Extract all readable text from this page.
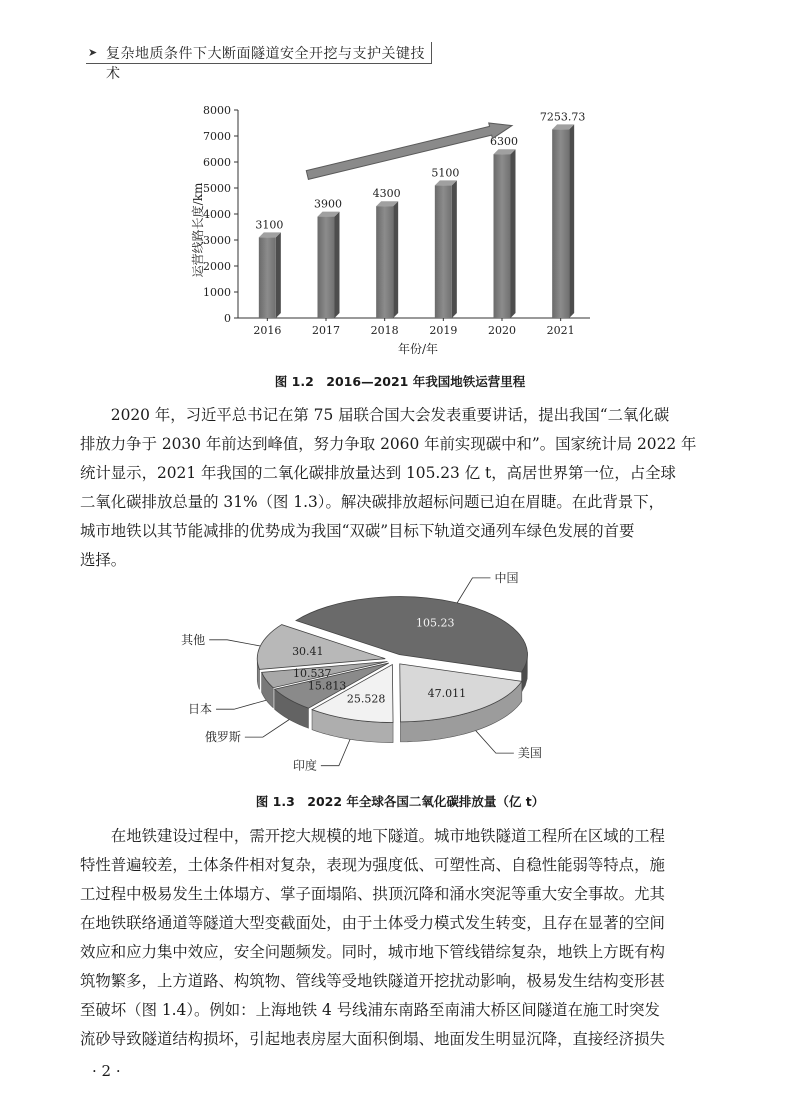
➤ 复杂地质条件下大断面隧道安全开挖与支护关键技术
运营线路长度/km
0
1000
2000
3000
4000
5000
6000
7000
8000
3100
2016
3900
2017
4300
2018
5100
2019
6300
2020
7253.73
2021
年份/年
图 1.2　2016—2021 年我国地铁运营里程
2020 年，习近平总书记在第 75 届联合国大会发表重要讲话，提出我国“二氧化碳
排放力争于 2030 年前达到峰值，努力争取 2060 年前实现碳中和”。国家统计局 2022 年
统计显示，2021 年我国的二氧化碳排放量达到 105.23 亿 t，高居世界第一位，占全球
二氧化碳排放总量的 31%（图 1.3）。解决碳排放超标问题已迫在眉睫。在此背景下，
城市地铁以其节能减排的优势成为我国“双碳”目标下轨道交通列车绿色发展的首要
选择。
105.23
47.011
25.528
15.813
10.537
30.41
中国
美国
印度
俄罗斯
日本
其他
图 1.3　2022 年全球各国二氧化碳排放量（亿 t）
在地铁建设过程中，需开挖大规模的地下隧道。城市地铁隧道工程所在区域的工程
特性普遍较差，土体条件相对复杂，表现为强度低、可塑性高、自稳性能弱等特点，施
工过程中极易发生土体塌方、掌子面塌陷、拱顶沉降和涌水突泥等重大安全事故。尤其
在地铁联络通道等隧道大型变截面处，由于土体受力模式发生转变，且存在显著的空间
效应和应力集中效应，安全问题频发。同时，城市地下管线错综复杂，地铁上方既有构
筑物繁多，上方道路、构筑物、管线等受地铁隧道开挖扰动影响，极易发生结构变形甚
至破坏（图 1.4）。例如：上海地铁 4 号线浦东南路至南浦大桥区间隧道在施工时突发
流砂导致隧道结构损坏，引起地表房屋大面积倒塌、地面发生明显沉降，直接经济损失
· 2 ·
